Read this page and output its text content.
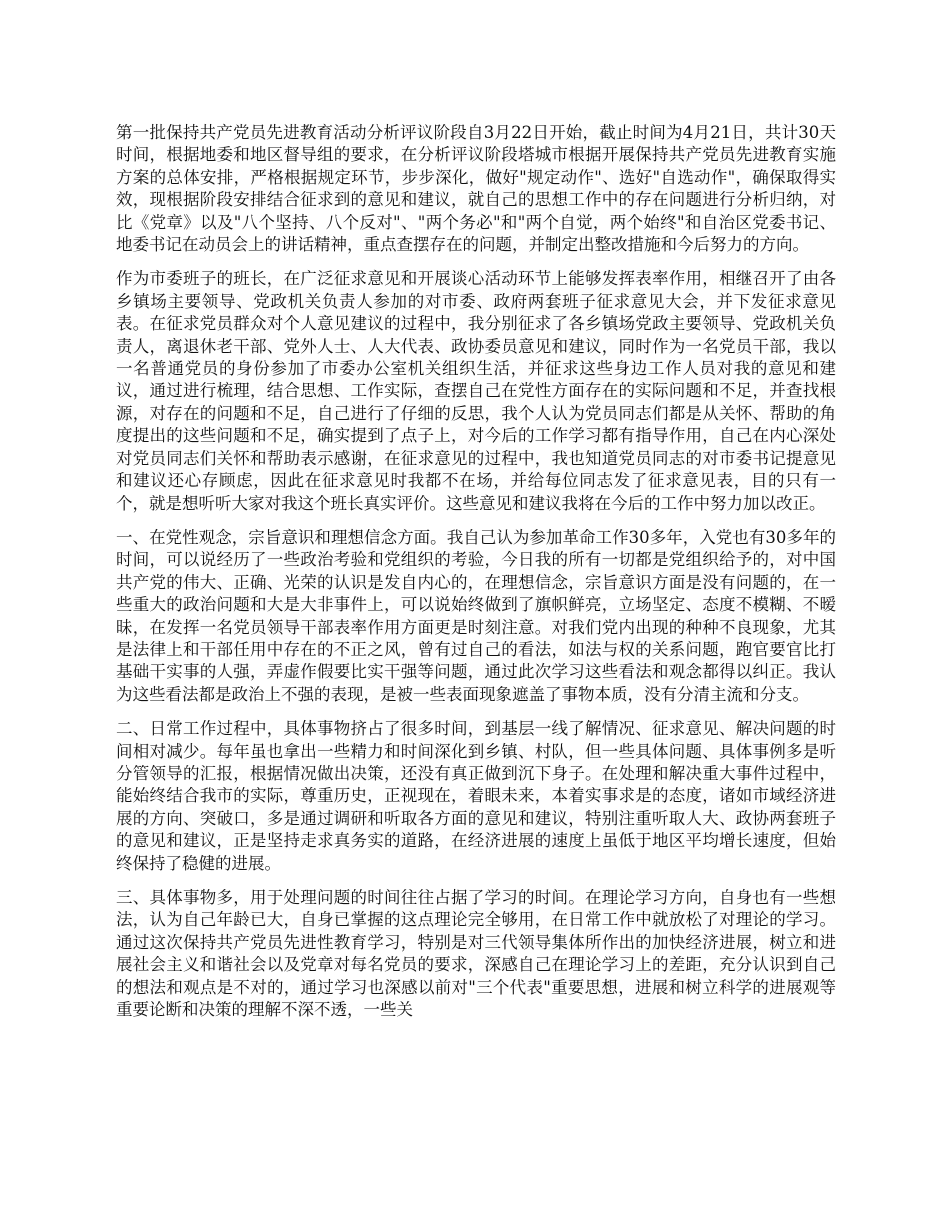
第一批保持共产党员先进教育活动分析评议阶段自3月22日开始，截止时间为4月21日，共计30天时间，根据地委和地区督导组的要求，在分析评议阶段塔城市根据开展保持共产党员先进教育实施方案的总体安排，严格根据规定环节，步步深化，做好"规定动作"、选好"自选动作"，确保取得实效，现根据阶段安排结合征求到的意见和建议，就自己的思想工作中的存在问题进行分析归纳，对比《党章》以及"八个坚持、八个反对"、"两个务必"和"两个自觉，两个始终"和自治区党委书记、地委书记在动员会上的讲话精神，重点查摆存在的问题，并制定出整改措施和今后努力的方向。

作为市委班子的班长，在广泛征求意见和开展谈心活动环节上能够发挥表率作用，相继召开了由各乡镇场主要领导、党政机关负责人参加的对市委、政府两套班子征求意见大会，并下发征求意见表。在征求党员群众对个人意见建议的过程中，我分别征求了各乡镇场党政主要领导、党政机关负责人，离退休老干部、党外人士、人大代表、政协委员意见和建议，同时作为一名党员干部，我以一名普通党员的身份参加了市委办公室机关组织生活，并征求这些身边工作人员对我的意见和建议，通过进行梳理，结合思想、工作实际，查摆自己在党性方面存在的实际问题和不足，并查找根源，对存在的问题和不足，自己进行了仔细的反思，我个人认为党员同志们都是从关怀、帮助的角度提出的这些问题和不足，确实提到了点子上，对今后的工作学习都有指导作用，自己在内心深处对党员同志们关怀和帮助表示感谢，在征求意见的过程中，我也知道党员同志的对市委书记提意见和建议还心存顾虑，因此在征求意见时我都不在场，并给每位同志发了征求意见表，目的只有一个，就是想听听大家对我这个班长真实评价。这些意见和建议我将在今后的工作中努力加以改正。

一、在党性观念，宗旨意识和理想信念方面。我自己认为参加革命工作30多年，入党也有30多年的时间，可以说经历了一些政治考验和党组织的考验，今日我的所有一切都是党组织给予的，对中国共产党的伟大、正确、光荣的认识是发自内心的，在理想信念，宗旨意识方面是没有问题的，在一些重大的政治问题和大是大非事件上，可以说始终做到了旗帜鲜亮，立场坚定、态度不模糊、不暧昧，在发挥一名党员领导干部表率作用方面更是时刻注意。对我们党内出现的种种不良现象，尤其是法律上和干部任用中存在的不正之风，曾有过自己的看法，如法与权的关系问题，跑官要官比打基础干实事的人强，弄虚作假要比实干强等问题，通过此次学习这些看法和观念都得以纠正。我认为这些看法都是政治上不强的表现，是被一些表面现象遮盖了事物本质，没有分清主流和分支。

二、日常工作过程中，具体事物挤占了很多时间，到基层一线了解情况、征求意见、解决问题的时间相对减少。每年虽也拿出一些精力和时间深化到乡镇、村队，但一些具体问题、具体事例多是听分管领导的汇报，根据情况做出决策，还没有真正做到沉下身子。在处理和解决重大事件过程中，能始终结合我市的实际，尊重历史，正视现在，着眼未来，本着实事求是的态度，诸如市域经济进展的方向、突破口，多是通过调研和听取各方面的意见和建议，特别注重听取人大、政协两套班子的意见和建议，正是坚持走求真务实的道路，在经济进展的速度上虽低于地区平均增长速度，但始终保持了稳健的进展。

三、具体事物多，用于处理问题的时间往往占据了学习的时间。在理论学习方向，自身也有一些想法，认为自己年龄已大，自身已掌握的这点理论完全够用，在日常工作中就放松了对理论的学习。通过这次保持共产党员先进性教育学习，特别是对三代领导集体所作出的加快经济进展，树立和进展社会主义和谐社会以及党章对每名党员的要求，深感自己在理论学习上的差距，充分认识到自己的想法和观点是不对的，通过学习也深感以前对"三个代表"重要思想，进展和树立科学的进展观等重要论断和决策的理解不深不透，一些关
